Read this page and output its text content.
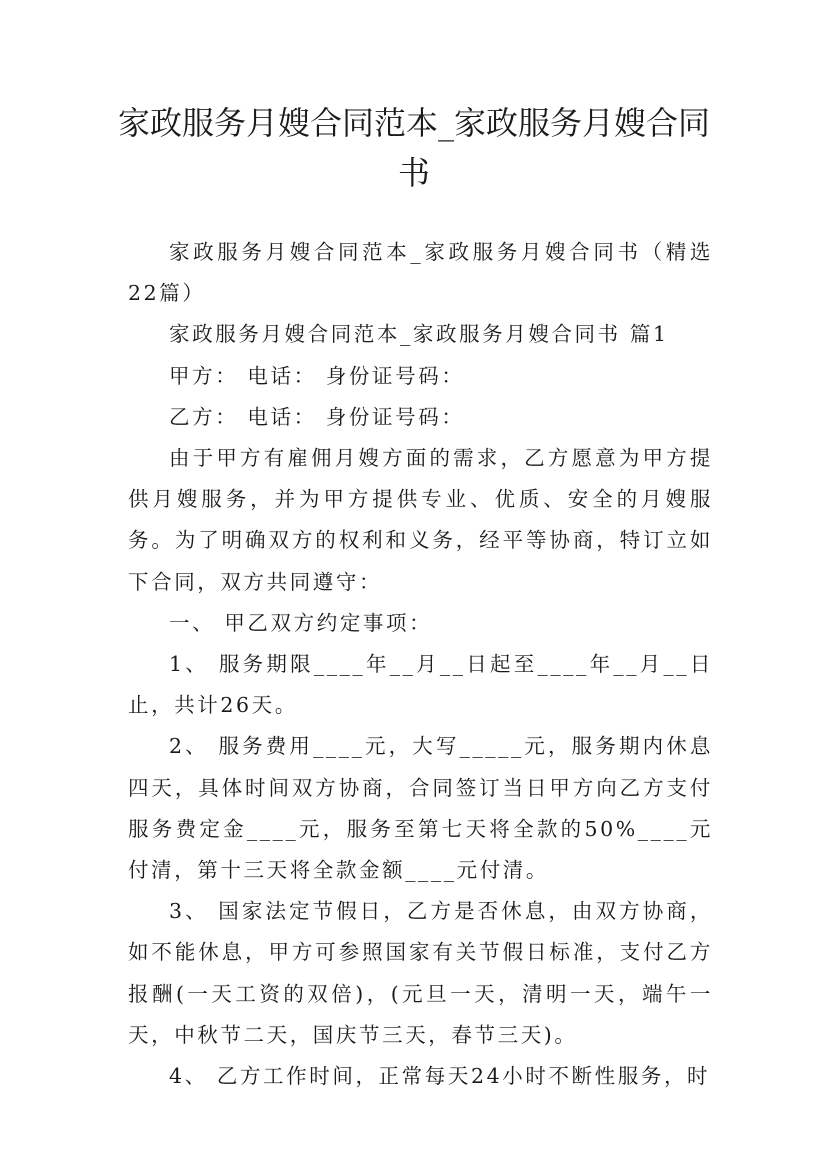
家政服务月嫂合同范本_家政服务月嫂合同书

家政服务月嫂合同范本_家政服务月嫂合同书（精选22篇）

家政服务月嫂合同范本_家政服务月嫂合同书 篇1

甲方： 电话： 身份证号码：

乙方： 电话： 身份证号码：

由于甲方有雇佣月嫂方面的需求，乙方愿意为甲方提供月嫂服务，并为甲方提供专业、优质、安全的月嫂服务。为了明确双方的权利和义务，经平等协商，特订立如下合同，双方共同遵守：

一、 甲乙双方约定事项：

1、 服务期限____年__月__日起至____年__月__日止，共计26天。

2、 服务费用____元，大写_____元，服务期内休息四天，具体时间双方协商，合同签订当日甲方向乙方支付服务费定金____元，服务至第七天将全款的50%____元付清，第十三天将全款金额____元付清。

3、 国家法定节假日，乙方是否休息，由双方协商，如不能休息，甲方可参照国家有关节假日标准，支付乙方报酬(一天工资的双倍)，(元旦一天，清明一天，端午一天，中秋节二天，国庆节三天，春节三天)。

4、 乙方工作时间，正常每天24小时不断性服务，时
